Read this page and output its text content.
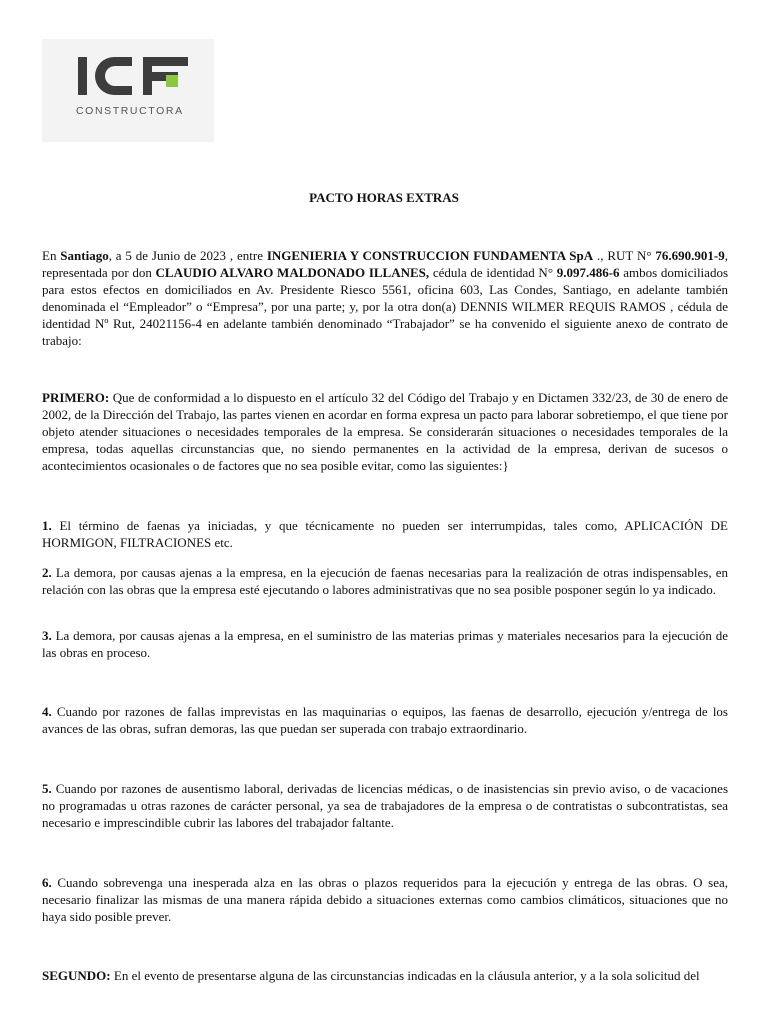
CONSTRUCTORA
PACTO HORAS EXTRAS
En Santiago, a 5 de Junio de 2023 , entre INGENIERIA Y CONSTRUCCION FUNDAMENTA SpA ., RUT N° 76.690.901-9, representada por don CLAUDIO ALVARO MALDONADO ILLANES, cédula de identidad N° 9.097.486-6 ambos domiciliados para estos efectos en domiciliados en Av. Presidente Riesco 5561, oficina 603, Las Condes, Santiago, en adelante también denominada el “Empleador” o “Empresa”, por una parte; y, por la otra don(a) DENNIS WILMER REQUIS RAMOS , cédula de identidad Nº Rut, 24021156-4 en adelante también denominado “Trabajador” se ha convenido el siguiente anexo de contrato de trabajo:
PRIMERO: Que de conformidad a lo dispuesto en el artículo 32 del Código del Trabajo y en Dictamen 332/23, de 30 de enero de 2002, de la Dirección del Trabajo, las partes vienen en acordar en forma expresa un pacto para laborar sobretiempo, el que tiene por objeto atender situaciones o necesidades temporales de la empresa. Se considerarán situaciones o necesidades temporales de la empresa, todas aquellas circunstancias que, no siendo permanentes en la actividad de la empresa, derivan de sucesos o acontecimientos ocasionales o de factores que no sea posible evitar, como las siguientes:}
1. El término de faenas ya iniciadas, y que técnicamente no pueden ser interrumpidas, tales como, APLICACIÓN DE HORMIGON, FILTRACIONES etc.
2. La demora, por causas ajenas a la empresa, en la ejecución de faenas necesarias para la realización de otras indispensables, en relación con las obras que la empresa esté ejecutando o labores administrativas que no sea posible posponer según lo ya indicado.
3. La demora, por causas ajenas a la empresa, en el suministro de las materias primas y materiales necesarios para la ejecución de las obras en proceso.
4. Cuando por razones de fallas imprevistas en las maquinarias o equipos, las faenas de desarrollo, ejecución y/entrega de los avances de las obras, sufran demoras, las que puedan ser superada con trabajo extraordinario.
5. Cuando por razones de ausentismo laboral, derivadas de licencias médicas, o de inasistencias sin previo aviso, o de vacaciones no programadas u otras razones de carácter personal, ya sea de trabajadores de la empresa o de contratistas o subcontratistas, sea necesario e imprescindible cubrir las labores del trabajador faltante.
6. Cuando sobrevenga una inesperada alza en las obras o plazos requeridos para la ejecución y entrega de las obras. O sea, necesario finalizar las mismas de una manera rápida debido a situaciones externas como cambios climáticos, situaciones que no haya sido posible prever.
SEGUNDO: En el evento de presentarse alguna de las circunstancias indicadas en la cláusula anterior, y a la sola solicitud del
